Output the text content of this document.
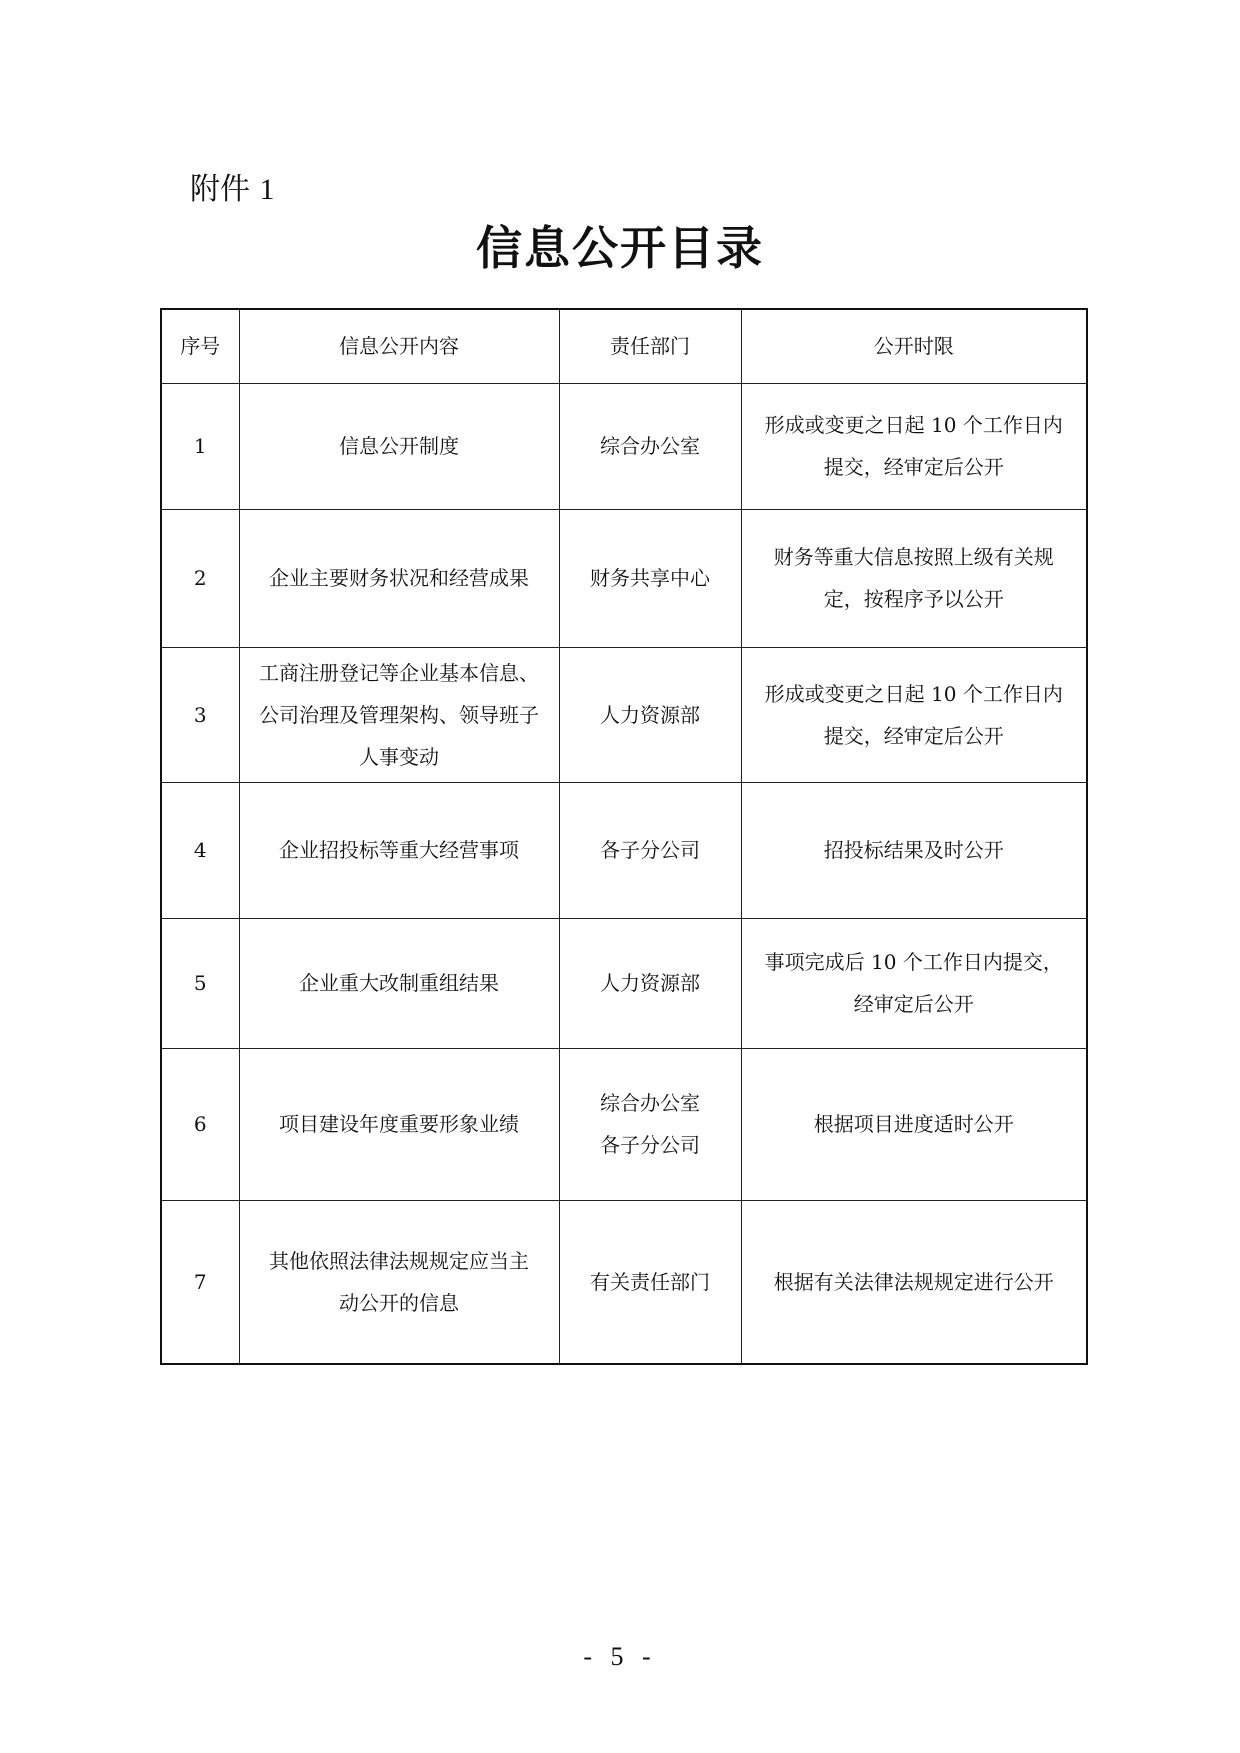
附件 1
信息公开目录
序号	信息公开内容	责任部门	公开时限
1	信息公开制度	综合办公室	形成或变更之日起 10 个工作日内
提交，经审定后公开

2	企业主要财务状况和经营成果	财务共享中心	财务等重大信息按照上级有关规
定，按程序予以公开

3	工商注册登记等企业基本信息、
公司治理及管理架构、领导班子
人事变动	人力资源部	形成或变更之日起 10 个工作日内
提交，经审定后公开

4	企业招投标等重大经营事项	各子分公司	招投标结果及时公开

5	企业重大改制重组结果	人力资源部	事项完成后 10 个工作日内提交，
经审定后公开

6	项目建设年度重要形象业绩	综合办公室
各子分公司	根据项目进度适时公开

7	其他依照法律法规规定应当主
动公开的信息	有关责任部门	根据有关法律法规规定进行公开
- 5 -
